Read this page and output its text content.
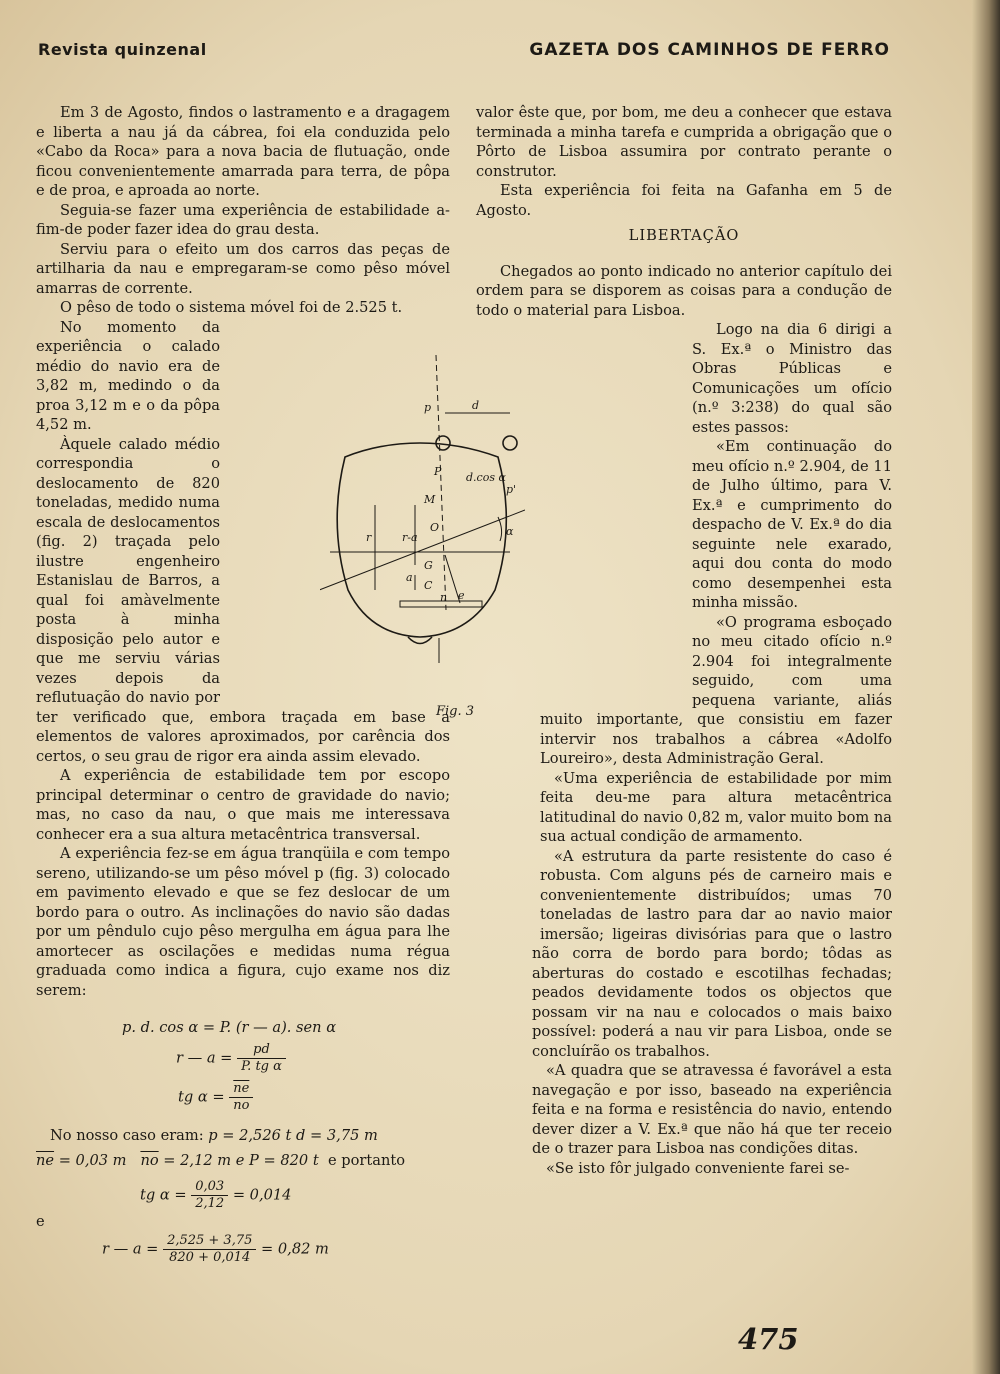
Revista quinzenal	GAZETA DOS CAMINHOS DE FERRO

Em 3 de Agosto, findos o lastramento e a dragagem e liberta a nau já da cábrea, foi ela conduzida pelo «Cabo da Roca» para a nova bacia de flutuação, onde ficou convenientemente amarrada para terra, de pôpa e de proa, e aproada ao norte.

Seguia-se fazer uma experiência de estabilidade a-fim-de poder fazer idea do grau desta.

Serviu para o efeito um dos carros das peças de artilharia da nau e empregaram-se como pêso móvel amarras de corrente.

O pêso de todo o sistema móvel foi de 2.525 t.

No momento da experiência o calado médio do navio era de 3,82 m, medindo o da proa 3,12 m e o da pôpa 4,52 m.

Àquele calado médio correspondia o deslocamento de 820 toneladas, medido numa escala de deslocamentos (fig. 2) traçada pelo ilustre engenheiro Estanislau de Barros, a qual foi amàvelmente posta à minha disposição pelo autor e que me serviu várias vezes depois da reflutuação do navio por ter verificado que, embora traçada em base a elementos de valores aproximados, por carência dos certos, o seu grau de rigor era ainda assim elevado.

A experiência de estabilidade tem por escopo principal determinar o centro de gravidade do navio; mas, no caso da nau, o que mais me interessava conhecer era a sua altura metacêntrica transversal.

A experiência fez-se em água tranqüila e com tempo sereno, utilizando-se um pêso móvel p (fig. 3) colocado em pavimento elevado e que se fez deslocar de um bordo para o outro. As inclinações do navio são dadas por um pêndulo cujo pêso mergulha em água para lhe amortecer as oscilações e medidas numa régua graduada como indica a figura, cujo exame nos diz serem:

p. d. cos α = P. (r — a). sen α

r — $a = \frac{pd}{\text{P. tg α}}$

tg $\alpha = \frac{\overline{ne}}{no}$

No nosso caso eram: p = 2,526 t d = 3,75 m

$\overline{ne} = 0,03$ m $\overline{no} = 2,12$ m e P = 820 t e portanto

tg $\alpha = \frac{0,03}{2,12} = 0,014$

e

r — $a = \frac{2,525 + 3,75}{820 + 0,014} = 0,82$ m

p	d
P d.cos α
p'
M
O
r	r-a
G
a
C
n e
α
Fig. 3

valor êste que, por bom, me deu a conhecer que estava terminada a minha tarefa e cumprida a obrigação que o Pôrto de Lisboa assumira por contrato perante o construtor.

Esta experiência foi feita na Gafanha em 5 de Agosto.

LIBERTAÇÃO

Chegados ao ponto indicado no anterior capítulo dei ordem para se disporem as coisas para a condução de todo o material para Lisboa.

Logo na dia 6 dirigi a S. Ex.ª o Ministro das Obras Públicas e Comunicações um ofício (n.º 3:238) do qual são estes passos:

«Em continuação do meu ofício n.º 2.904, de 11 de Julho último, para V. Ex.ª e cumprimento do despacho de V. Ex.ª do dia seguinte nele exarado, aqui dou conta do modo como desempenhei esta minha missão.

«O programa esboçado no meu citado ofício n.º 2.904 foi integralmente seguido, com uma pequena variante, aliás muito importante, que consistiu em fazer intervir nos trabalhos a cábrea «Adolfo Loureiro», desta Administração Geral.

«Uma experiência de estabilidade por mim feita deu-me para altura metacêntrica latitudinal do navio 0,82 m, valor muito bom na sua actual condição de armamento.

«A estrutura da parte resistente do caso é robusta. Com alguns pés de carneiro mais e convenientemente distribuídos; umas 70 toneladas de lastro para dar ao navio maior imersão; ligeiras divisórias para que o lastro não corra de bordo para bordo; tôdas as aberturas do costado e escotilhas fechadas; peados devidamente todos os objectos que possam vir na nau e colocados o mais baixo possível: poderá a nau vir para Lisboa, onde se concluírão os trabalhos.

«A quadra que se atravessa é favorável a esta navegação e por isso, baseado na experiência feita e na forma e resistência do navio, entendo dever dizer a V. Ex.ª que não há que ter receio de o trazer para Lisboa nas condições ditas.

«Se isto fôr julgado conveniente farei se-

475
